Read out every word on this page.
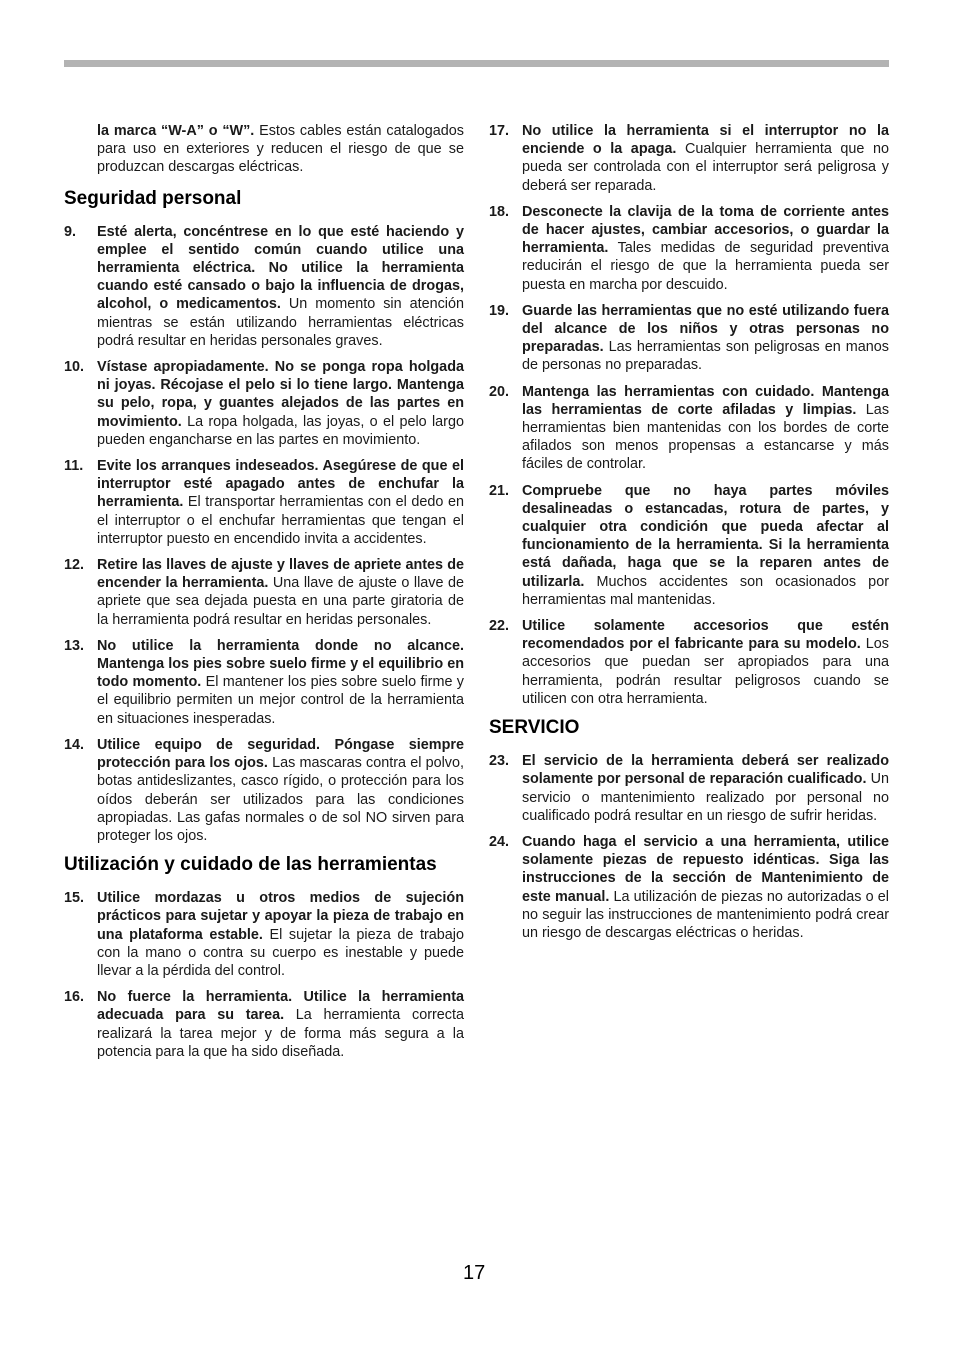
la marca “W-A” o “W”. Estos cables están catalogados para uso en exteriores y reducen el riesgo de que se produzcan descargas eléctricas.

Seguridad personal
9. Esté alerta, concéntrese en lo que esté haciendo y emplee el sentido común cuando utilice una herramienta eléctrica. No utilice la herramienta cuando esté cansado o bajo la influencia de drogas, alcohol, o medicamentos. Un momento sin atención mientras se están utilizando herramientas eléctricas podrá resultar en heridas personales graves.
10. Vístase apropiadamente. No se ponga ropa holgada ni joyas. Récojase el pelo si lo tiene largo. Mantenga su pelo, ropa, y guantes alejados de las partes en movimiento. La ropa holgada, las joyas, o el pelo largo pueden engancharse en las partes en movimiento.
11. Evite los arranques indeseados. Asegúrese de que el interruptor esté apagado antes de enchufar la herramienta. El transportar herramientas con el dedo en el interruptor o el enchufar herramientas que tengan el interruptor puesto en encendido invita a accidentes.
12. Retire las llaves de ajuste y llaves de apriete antes de encender la herramienta. Una llave de ajuste o llave de apriete que sea dejada puesta en una parte giratoria de la herramienta podrá resultar en heridas personales.
13. No utilice la herramienta donde no alcance. Mantenga los pies sobre suelo firme y el equilibrio en todo momento. El mantener los pies sobre suelo firme y el equilibrio permiten un mejor control de la herramienta en situaciones inesperadas.
14. Utilice equipo de seguridad. Póngase siempre protección para los ojos. Las mascaras contra el polvo, botas antideslizantes, casco rígido, o protección para los oídos deberán ser utilizados para las condiciones apropiadas. Las gafas normales o de sol NO sirven para proteger los ojos.
Utilización y cuidado de las herramientas
15. Utilice mordazas u otros medios de sujeción prácticos para sujetar y apoyar la pieza de trabajo en una plataforma estable. El sujetar la pieza de trabajo con la mano o contra su cuerpo es inestable y puede llevar a la pérdida del control.
16. No fuerce la herramienta. Utilice la herramienta adecuada para su tarea. La herramienta correcta realizará la tarea mejor y de forma más segura a la potencia para la que ha sido diseñada.
17. No utilice la herramienta si el interruptor no la enciende o la apaga. Cualquier herramienta que no pueda ser controlada con el interruptor será peligrosa y deberá ser reparada.
18. Desconecte la clavija de la toma de corriente antes de hacer ajustes, cambiar accesorios, o guardar la herramienta. Tales medidas de seguridad preventiva reducirán el riesgo de que la herramienta pueda ser puesta en marcha por descuido.
19. Guarde las herramientas que no esté utilizando fuera del alcance de los niños y otras personas no preparadas. Las herramientas son peligrosas en manos de personas no preparadas.
20. Mantenga las herramientas con cuidado. Mantenga las herramientas de corte afiladas y limpias. Las herramientas bien mantenidas con los bordes de corte afilados son menos propensas a estancarse y más fáciles de controlar.
21. Compruebe que no haya partes móviles desalineadas o estancadas, rotura de partes, y cualquier otra condición que pueda afectar al funcionamiento de la herramienta. Si la herramienta está dañada, haga que se la reparen antes de utilizarla. Muchos accidentes son ocasionados por herramientas mal mantenidas.
22. Utilice solamente accesorios que estén recomendados por el fabricante para su modelo. Los accesorios que puedan ser apropiados para una herramienta, podrán resultar peligrosos cuando se utilicen con otra herramienta.
SERVICIO
23. El servicio de la herramienta deberá ser realizado solamente por personal de reparación cualificado. Un servicio o mantenimiento realizado por personal no cualificado podrá resultar en un riesgo de sufrir heridas.
24. Cuando haga el servicio a una herramienta, utilice solamente piezas de repuesto idénticas. Siga las instrucciones de la sección de Mantenimiento de este manual. La utilización de piezas no autorizadas o el no seguir las instrucciones de mantenimiento podrá crear un riesgo de descargas eléctricas o heridas.
17
